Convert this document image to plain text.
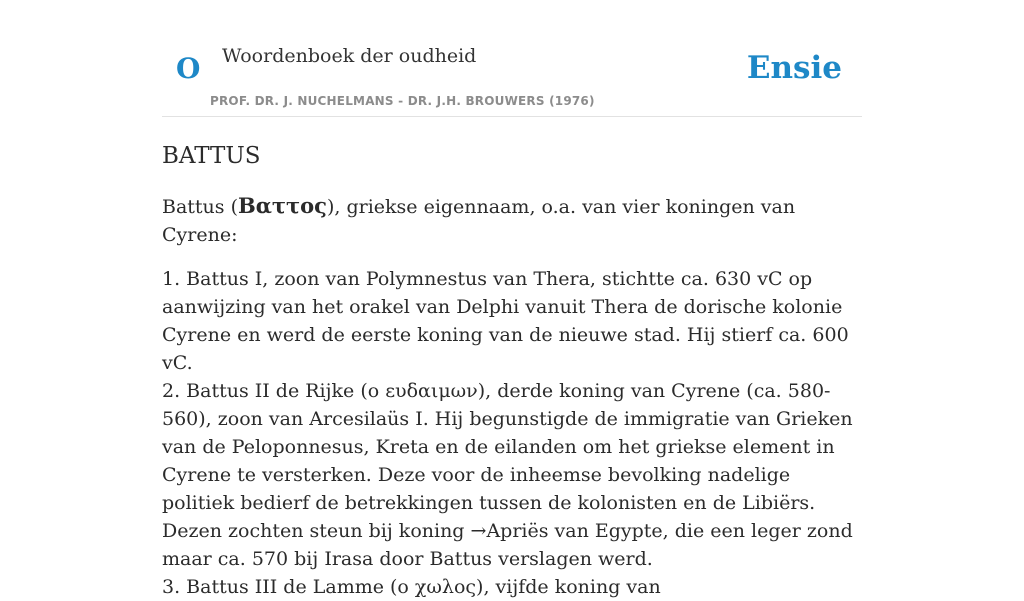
O Woordenboek der oudheid
PROF. DR. J. NUCHELMANS - DR. J.H. BROUWERS (1976)
Ensie
BATTUS

Battus (Βαττος), griekse eigennaam, o.a. van vier koningen van Cyrene:

1. Battus I, zoon van Polymnestus van Thera, stichtte ca. 630 vC op aanwijzing van het orakel van Delphi vanuit Thera de dorische kolonie Cyrene en werd de eerste koning van de nieuwe stad. Hij stierf ca. 600 vC.

2. Battus II de Rijke (ο ευδαιμων), derde koning van Cyrene (ca. 580-560), zoon van Arcesilaüs I. Hij begunstigde de immigratie van Grieken van de Peloponnesus, Kreta en de eilanden om het griekse element in Cyrene te versterken. Deze voor de inheemse bevolking nadelige politiek bedierf de betrekkingen tussen de kolonisten en de Libiërs. Dezen zochten steun bij koning →Apriës van Egypte, die een leger zond maar ca. 570 bij Irasa door Battus verslagen werd.

3. Battus III de Lamme (ο χωλος), vijfde koning van
